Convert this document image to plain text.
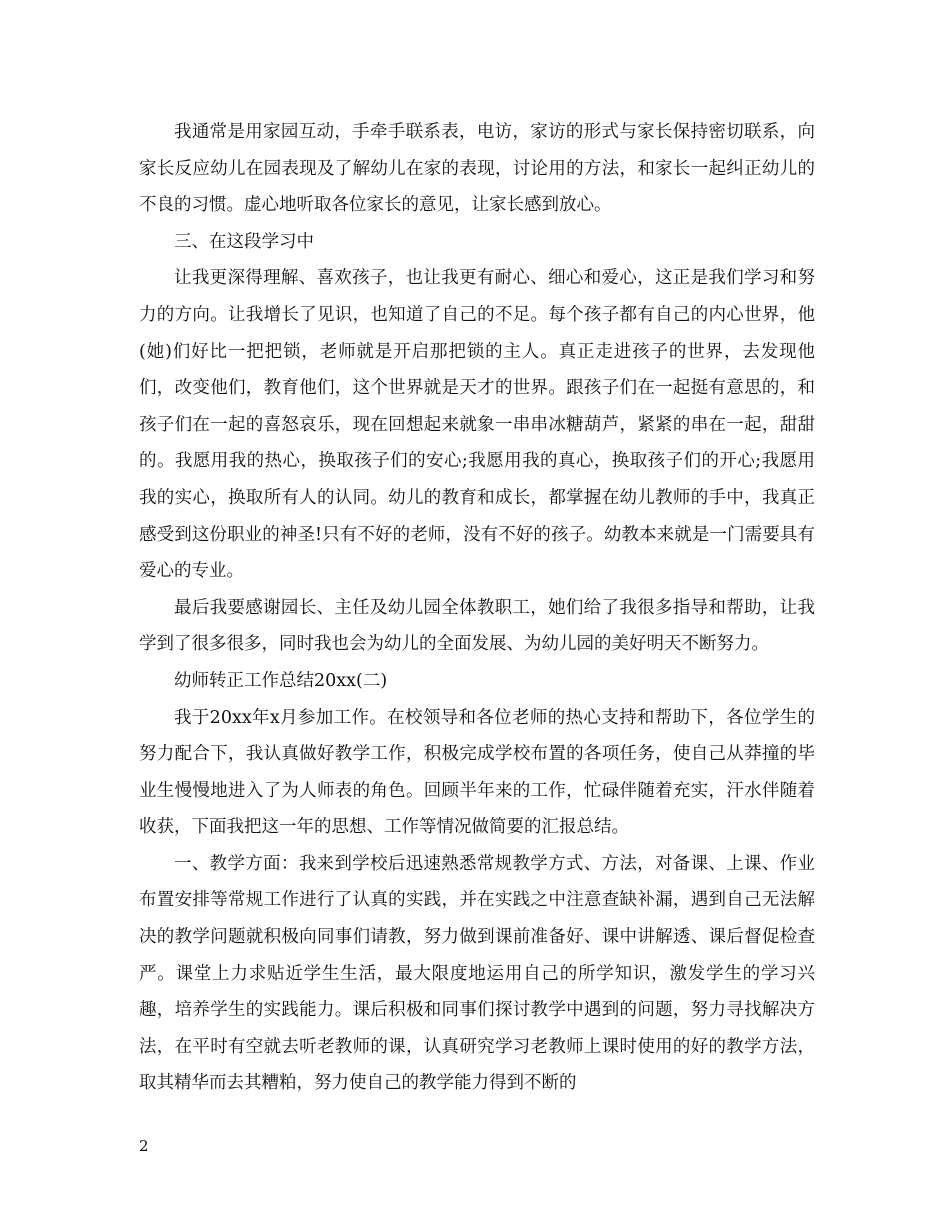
我通常是用家园互动，手牵手联系表，电访，家访的形式与家长保持密切联系，向家长反应幼儿在园表现及了解幼儿在家的表现，讨论用的方法，和家长一起纠正幼儿的不良的习惯。虚心地听取各位家长的意见，让家长感到放心。

三、在这段学习中

让我更深得理解、喜欢孩子，也让我更有耐心、细心和爱心，这正是我们学习和努力的方向。让我增长了见识，也知道了自己的不足。每个孩子都有自己的内心世界，他(她)们好比一把把锁，老师就是开启那把锁的主人。真正走进孩子的世界，去发现他们，改变他们，教育他们，这个世界就是天才的世界。跟孩子们在一起挺有意思的，和孩子们在一起的喜怒哀乐，现在回想起来就象一串串冰糖葫芦，紧紧的串在一起，甜甜的。我愿用我的热心，换取孩子们的安心;我愿用我的真心，换取孩子们的开心;我愿用我的实心，换取所有人的认同。幼儿的教育和成长，都掌握在幼儿教师的手中，我真正感受到这份职业的神圣!只有不好的老师，没有不好的孩子。幼教本来就是一门需要具有爱心的专业。

最后我要感谢园长、主任及幼儿园全体教职工，她们给了我很多指导和帮助，让我学到了很多很多，同时我也会为幼儿的全面发展、为幼儿园的美好明天不断努力。

幼师转正工作总结20xx(二)

我于20xx年x月参加工作。在校领导和各位老师的热心支持和帮助下，各位学生的努力配合下，我认真做好教学工作，积极完成学校布置的各项任务，使自己从莽撞的毕业生慢慢地进入了为人师表的角色。回顾半年来的工作，忙碌伴随着充实，汗水伴随着收获，下面我把这一年的思想、工作等情况做简要的汇报总结。

一、教学方面：我来到学校后迅速熟悉常规教学方式、方法，对备课、上课、作业布置安排等常规工作进行了认真的实践，并在实践之中注意查缺补漏，遇到自己无法解决的教学问题就积极向同事们请教，努力做到课前准备好、课中讲解透、课后督促检查严。课堂上力求贴近学生生活，最大限度地运用自己的所学知识，激发学生的学习兴趣，培养学生的实践能力。课后积极和同事们探讨教学中遇到的问题，努力寻找解决方法，在平时有空就去听老教师的课，认真研究学习老教师上课时使用的好的教学方法，取其精华而去其糟粕，努力使自己的教学能力得到不断的

2
